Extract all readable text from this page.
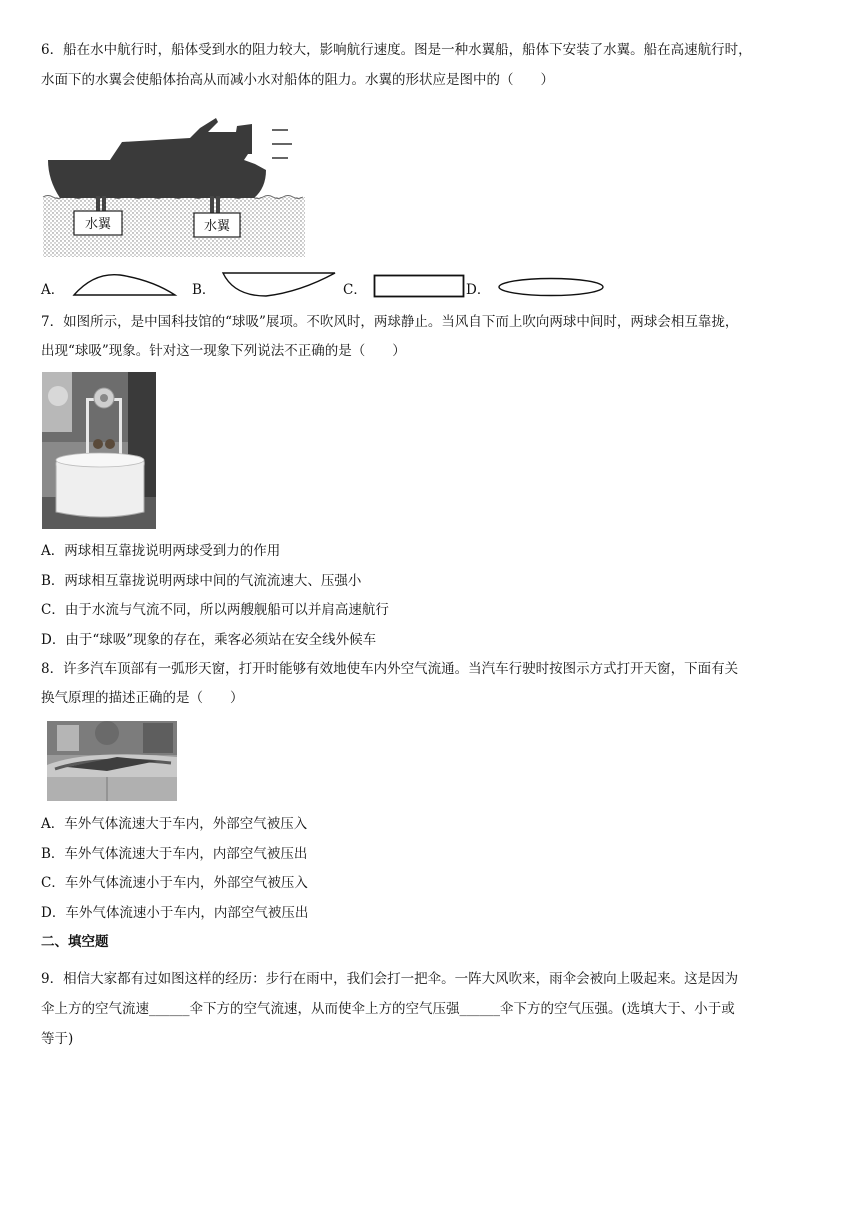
6．船在水中航行时，船体受到水的阻力较大，影响航行速度。图是一种水翼船，船体下安装了水翼。船在高速航行时，
水面下的水翼会使船体抬高从而减小水对船体的阻力。水翼的形状应是图中的（　　）
水翼	水翼
A．	B．	C．	D．
7．如图所示，是中国科技馆的“球吸”展项。不吹风时，两球静止。当风自下而上吹向两球中间时，两球会相互靠拢，
出现“球吸”现象。针对这一现象下列说法不正确的是（　　）
A．两球相互靠拢说明两球受到力的作用
B．两球相互靠拢说明两球中间的气流流速大、压强小
C．由于水流与气流不同，所以两艘舰船可以并肩高速航行
D．由于“球吸”现象的存在，乘客必须站在安全线外候车
8．许多汽车顶部有一弧形天窗，打开时能够有效地使车内外空气流通。当汽车行驶时按图示方式打开天窗，下面有关
换气原理的描述正确的是（　　）
A．车外气体流速大于车内，外部空气被压入
B．车外气体流速大于车内，内部空气被压出
C．车外气体流速小于车内，外部空气被压入
D．车外气体流速小于车内，内部空气被压出
二、填空题
9．相信大家都有过如图这样的经历：步行在雨中，我们会打一把伞。一阵大风吹来，雨伞会被向上吸起来。这是因为
伞上方的空气流速______伞下方的空气流速，从而使伞上方的空气压强______伞下方的空气压强。(选填大于、小于或
等于)
